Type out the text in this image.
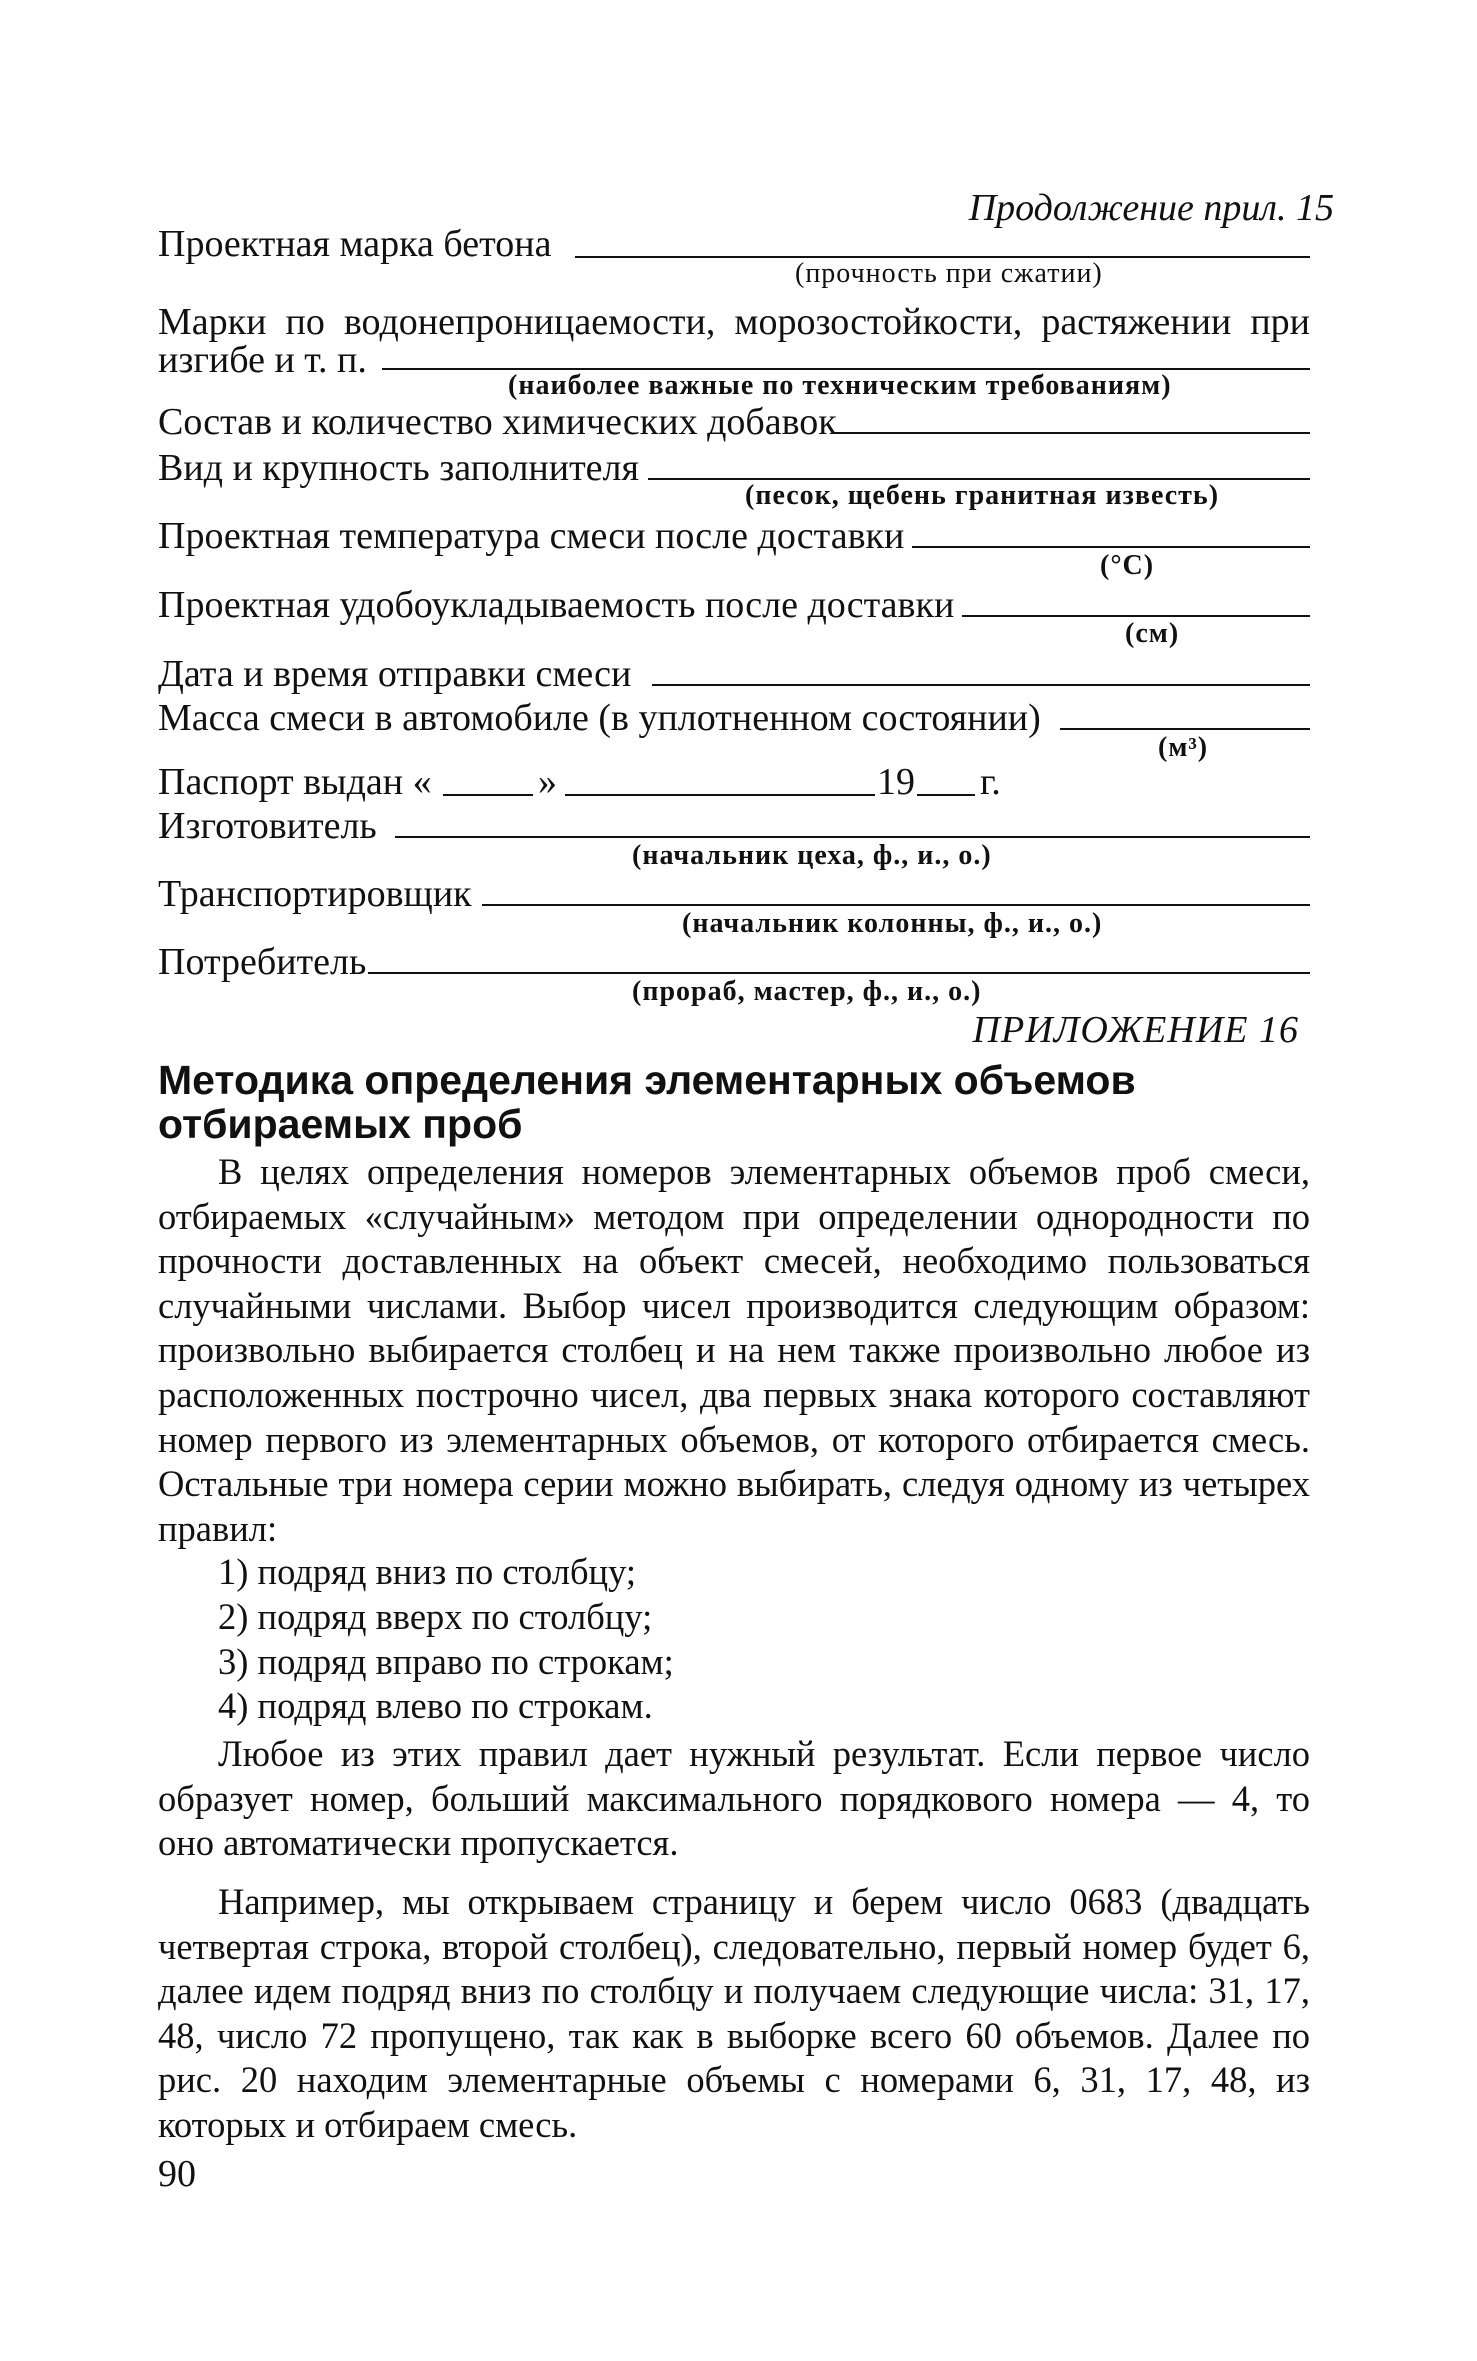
Продолжение прил. 15
Проектная марка бетона
(прочность при сжатии)
Марки по водонепроницаемости, морозостойкости, растяжении при
изгибе и т. п.
(наиболее важные по техническим требованиям)
Состав и количество химических добавок
Вид и крупность заполнителя
(песок, щебень гранитная известь)
Проектная температура смеси после доставки
(°С)
Проектная удобоукладываемость после доставки
(см)
Дата и время отправки смеси
Масса смеси в автомобиле (в уплотненном состоянии)
(м³)
Паспорт выдан «	»	19 г.
Изготовитель
(начальник цеха, ф., и., о.)
Транспортировщик
(начальник колонны, ф., и., о.)
Потребитель
(прораб, мастер, ф., и., о.)
ПРИЛОЖЕНИЕ 16
Методика определения элементарных объемов
отбираемых проб
В целях определения номеров элементарных объемов проб смеси, отбираемых «случайным» методом при определении однородности по прочности доставленных на объект смесей, необходимо пользоваться случайными числами. Выбор чисел производится следующим образом: произвольно выбирается столбец и на нем также произвольно любое из расположенных построчно чисел, два первых знака которого составляют номер первого из элементарных объемов, от которого отбирается смесь. Остальные три номера серии можно выбирать, следуя одному из четырех правил:
1) подряд вниз по столбцу;
2) подряд вверх по столбцу;
3) подряд вправо по строкам;
4) подряд влево по строкам.
Любое из этих правил дает нужный результат. Если первое число образует номер, больший максимального порядкового номера — 4, то оно автоматически пропускается.
Например, мы открываем страницу и берем число 0683 (двадцать четвертая строка, второй столбец), следовательно, первый номер будет 6, далее идем подряд вниз по столбцу и получаем следующие числа: 31, 17, 48, число 72 пропущено, так как в выборке всего 60 объемов. Далее по рис. 20 находим элементарные объемы с номерами 6, 31, 17, 48, из которых и отбираем смесь.
90
